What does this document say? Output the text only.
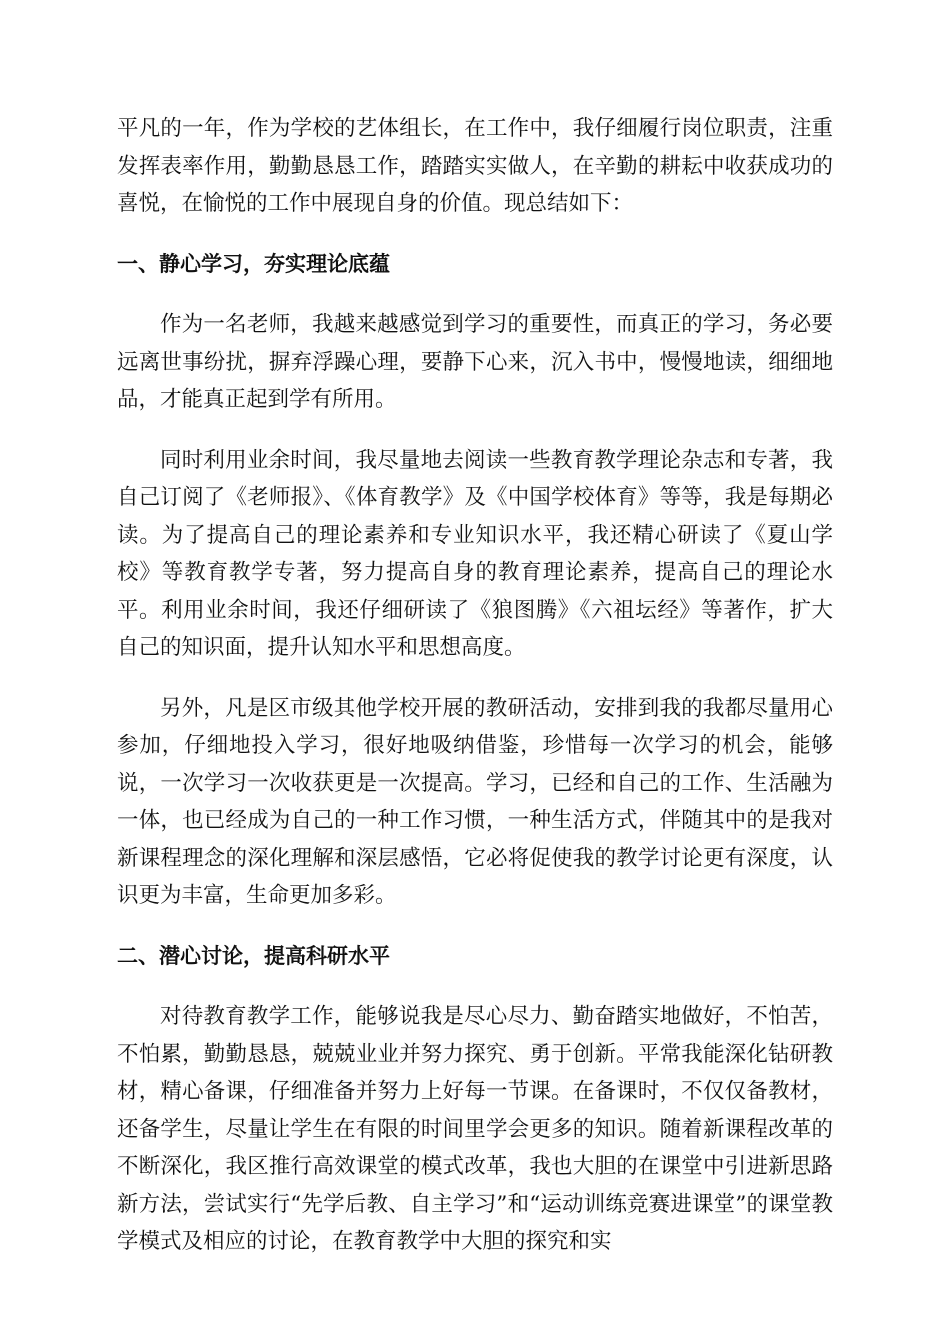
平凡的一年，作为学校的艺体组长，在工作中，我仔细履行岗位职责，注重发挥表率作用，勤勤恳恳工作，踏踏实实做人，在辛勤的耕耘中收获成功的喜悦，在愉悦的工作中展现自身的价值。现总结如下：

一、静心学习，夯实理论底蕴

作为一名老师，我越来越感觉到学习的重要性，而真正的学习，务必要远离世事纷扰，摒弃浮躁心理，要静下心来，沉入书中，慢慢地读，细细地品，才能真正起到学有所用。

同时利用业余时间，我尽量地去阅读一些教育教学理论杂志和专著，我自己订阅了《老师报》、《体育教学》及《中国学校体育》等等，我是每期必读。为了提高自己的理论素养和专业知识水平，我还精心研读了《夏山学校》等教育教学专著，努力提高自身的教育理论素养，提高自己的理论水平。利用业余时间，我还仔细研读了《狼图腾》《六祖坛经》等著作，扩大自己的知识面，提升认知水平和思想高度。

另外，凡是区市级其他学校开展的教研活动，安排到我的我都尽量用心参加，仔细地投入学习，很好地吸纳借鉴，珍惜每一次学习的机会，能够说，一次学习一次收获更是一次提高。学习，已经和自己的工作、生活融为一体，也已经成为自己的一种工作习惯，一种生活方式，伴随其中的是我对新课程理念的深化理解和深层感悟，它必将促使我的教学讨论更有深度，认识更为丰富，生命更加多彩。

二、潜心讨论，提高科研水平

对待教育教学工作，能够说我是尽心尽力、勤奋踏实地做好，不怕苦，不怕累，勤勤恳恳，兢兢业业并努力探究、勇于创新。平常我能深化钻研教材，精心备课，仔细准备并努力上好每一节课。在备课时，不仅仅备教材，还备学生，尽量让学生在有限的时间里学会更多的知识。随着新课程改革的不断深化，我区推行高效课堂的模式改革，我也大胆的在课堂中引进新思路新方法，尝试实行“先学后教、自主学习”和“运动训练竞赛进课堂”的课堂教学模式及相应的讨论，在教育教学中大胆的探究和实
